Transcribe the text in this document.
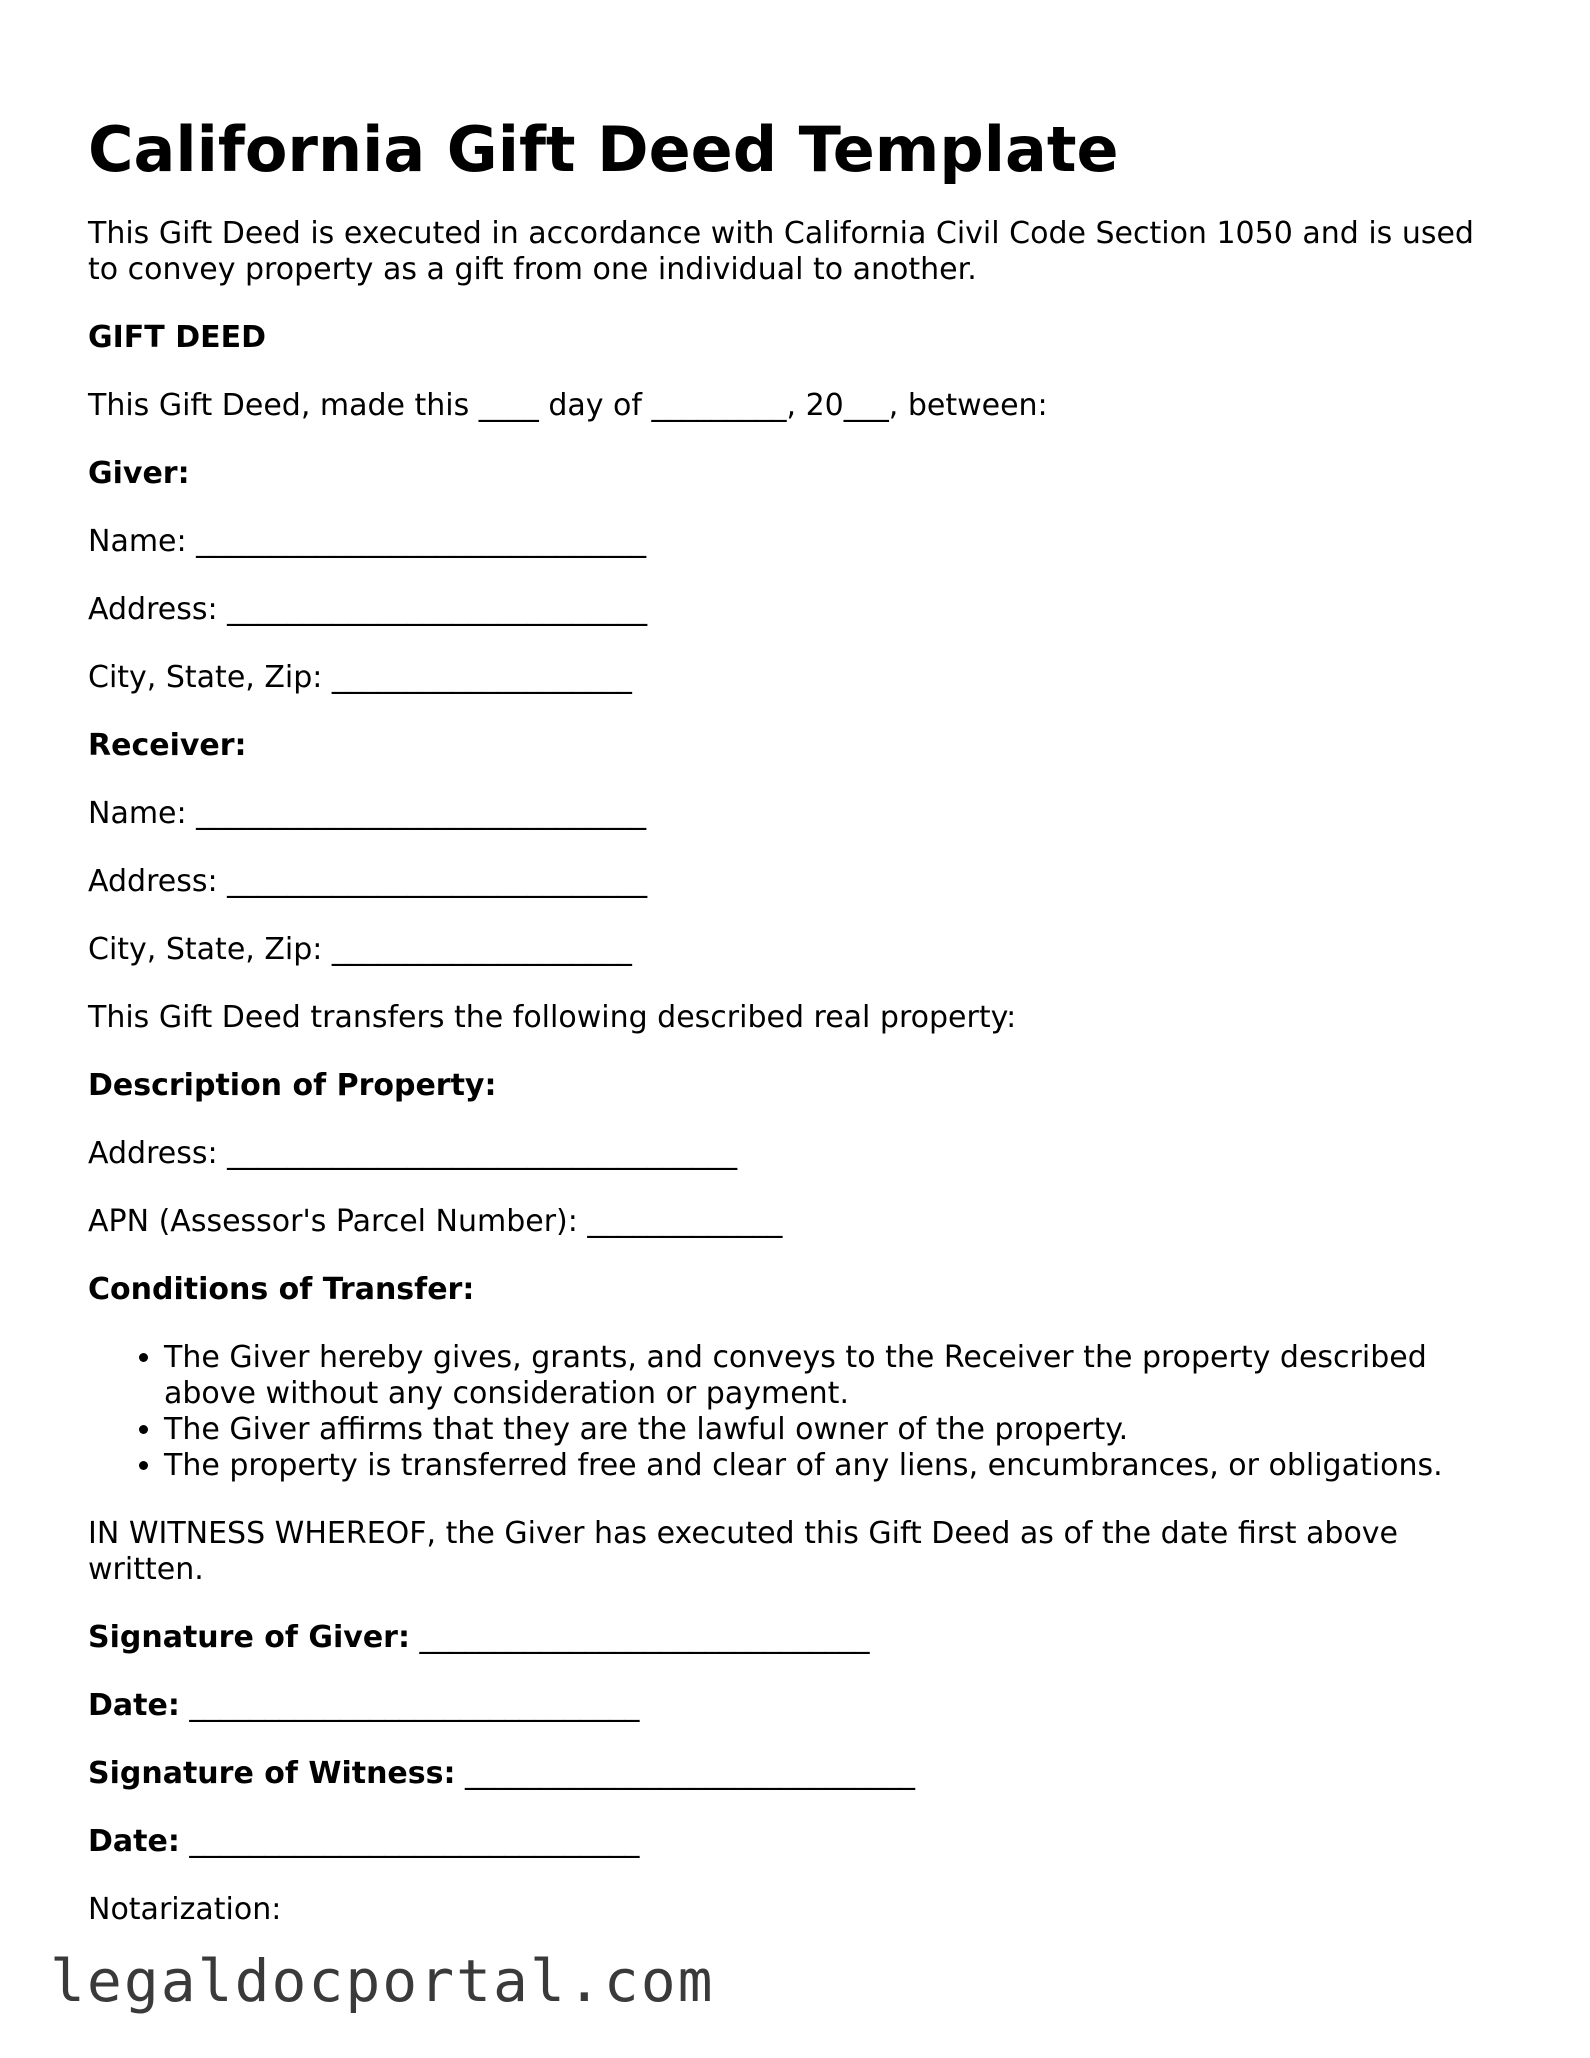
California Gift Deed Template

This Gift Deed is executed in accordance with California Civil Code Section 1050 and is used to convey property as a gift from one individual to another.

GIFT DEED

This Gift Deed, made this ____ day of _________, 20___, between:

Giver:

Name: ______________________________

Address: ____________________________

City, State, Zip: ____________________

Receiver:

Name: ______________________________

Address: ____________________________

City, State, Zip: ____________________

This Gift Deed transfers the following described real property:

Description of Property:

Address: __________________________________

APN (Assessor's Parcel Number): _____________

Conditions of Transfer:

• The Giver hereby gives, grants, and conveys to the Receiver the property described above without any consideration or payment.
• The Giver affirms that they are the lawful owner of the property.
• The property is transferred free and clear of any liens, encumbrances, or obligations.

IN WITNESS WHEREOF, the Giver has executed this Gift Deed as of the date first above written.

Signature of Giver: ______________________________

Date: ______________________________

Signature of Witness: ______________________________

Date: ______________________________

Notarization:

legaldocportal.com
